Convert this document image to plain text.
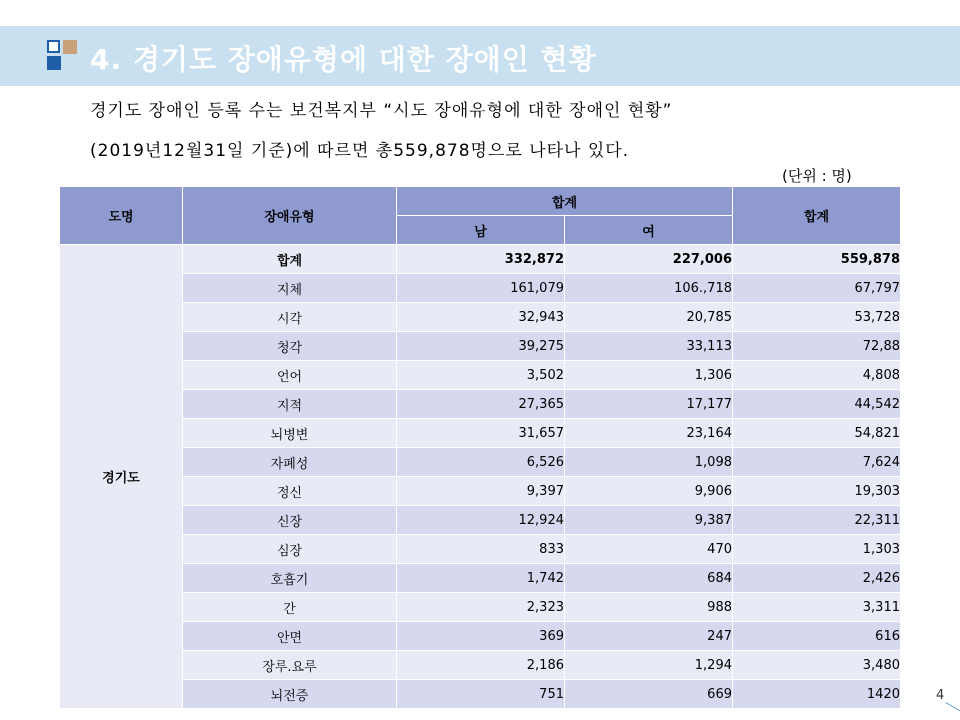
4. 경기도 장애유형에 대한 장애인 현황
경기도 장애인 등록 수는 보건복지부 “시도 장애유형에 대한 장애인 현황”
(2019년12월31일 기준)에 따르면 총559,878명으로 나타나 있다.
(단위 : 명)
도명	장애유형	합계		합계
		남	여	
경기도	합계	332,872	227,006	559,878
	지체	161,079	106.,718	67,797
	시각	32,943	20,785	53,728
	청각	39,275	33,113	72,88
	언어	3,502	1,306	4,808
	지적	27,365	17,177	44,542
	뇌병변	31,657	23,164	54,821
	자폐성	6,526	1,098	7,624
	정신	9,397	9,906	19,303
	신장	12,924	9,387	22,311
	심장	833	470	1,303
	호흡기	1,742	684	2,426
	간	2,323	988	3,311
	안면	369	247	616
	장루.요루	2,186	1,294	3,480
	뇌전증	751	669	1420	4
